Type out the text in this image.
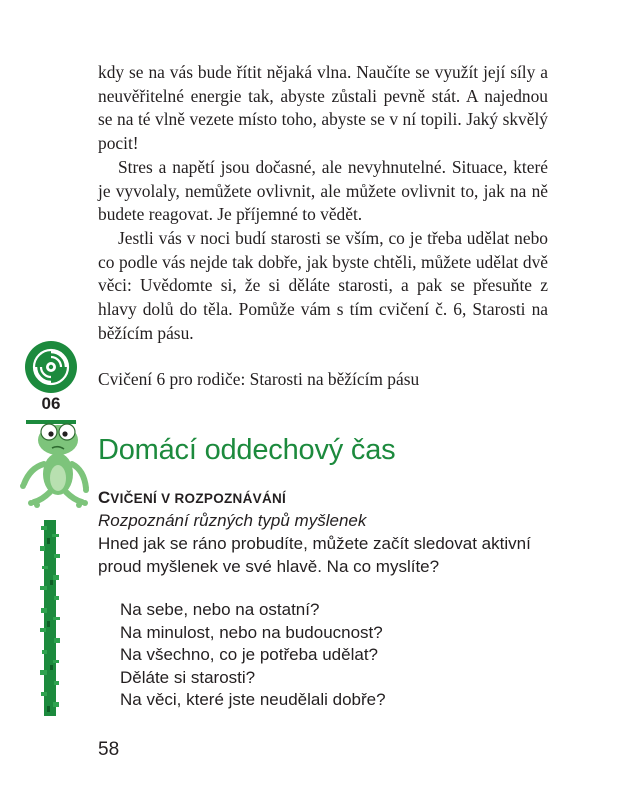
kdy se na vás bude řítit nějaká vlna. Naučíte se využít její síly a neuvěřitelné energie tak, abyste zůstali pevně stát. A najednou se na té vlně vezete místo toho, abyste se v ní topili. Jaký skvělý pocit!

Stres a napětí jsou dočasné, ale nevyhnutelné. Situace, které je vyvolaly, nemůžete ovlivnit, ale můžete ovlivnit to, jak na ně budete reagovat. Je příjemné to vědět.

Jestli vás v noci budí starosti se vším, co je třeba udělat nebo co podle vás nejde tak dobře, jak byste chtěli, můžete udělat dvě věci: Uvědomte si, že si děláte starosti, a pak se přesuňte z hlavy dolů do těla. Pomůže vám s tím cvičení č. 6, Starosti na běžícím pásu.

06
Cvičení 6 pro rodiče: Starosti na běžícím pásu
Domácí oddechový čas
CVIČENÍ V ROZPOZNÁVÁNÍ
Rozpoznání různých typů myšlenek

Hned jak se ráno probudíte, můžete začít sledovat aktivní proud myšlenek ve své hlavě. Na co myslíte?

Na sebe, nebo na ostatní?
Na minulost, nebo na budoucnost?
Na všechno, co je potřeba udělat?
Děláte si starosti?
Na věci, které jste neudělali dobře?
58
